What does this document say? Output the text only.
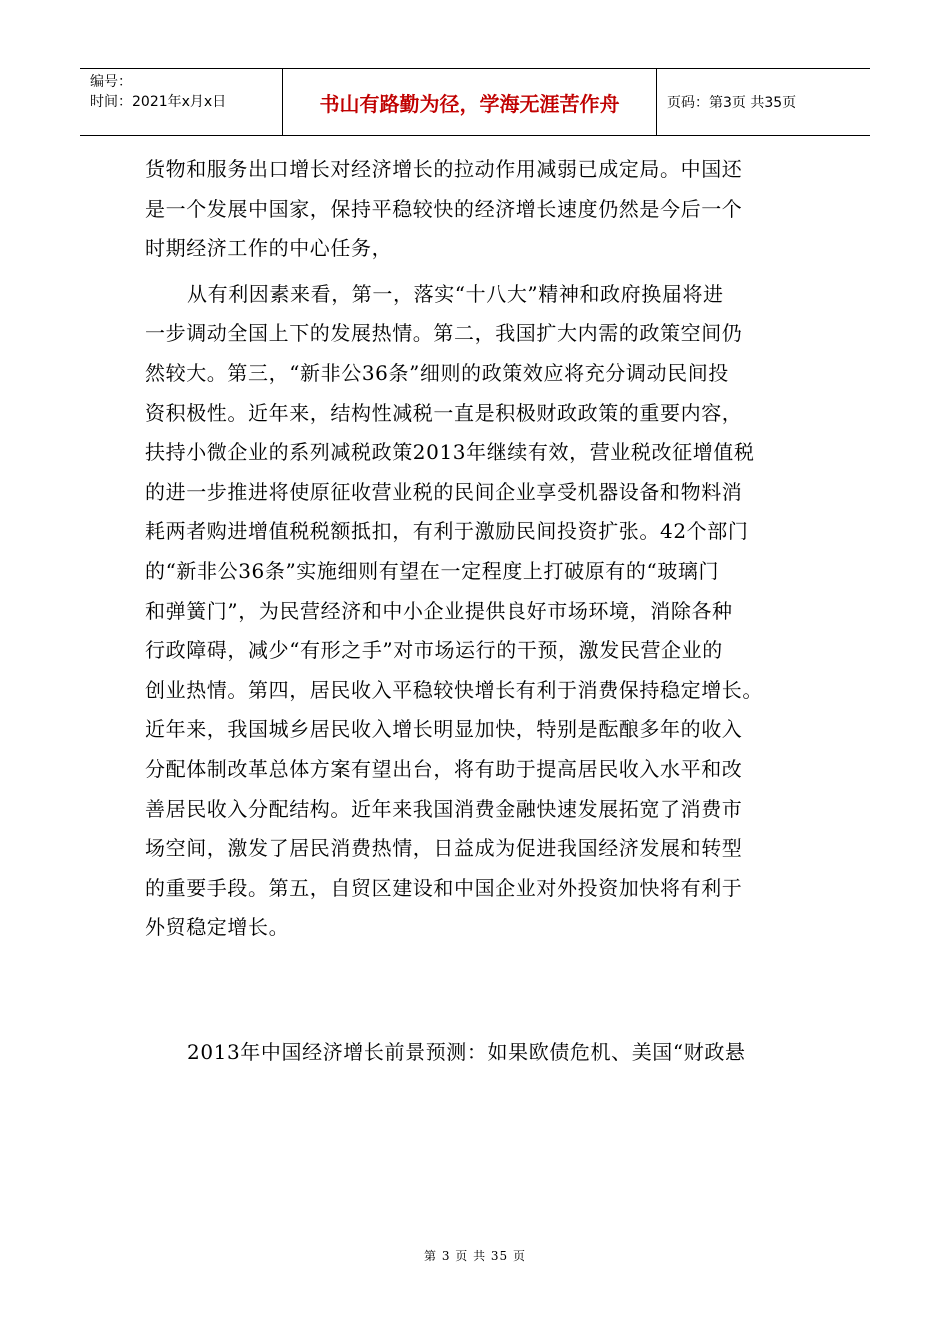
编号：
时间：2021年x月x日	书山有路勤为径，学海无涯苦作舟	页码：第3页 共35页
货物和服务出口增长对经济增长的拉动作用减弱已成定局。中国还
是一个发展中国家，保持平稳较快的经济增长速度仍然是今后一个
时期经济工作的中心任务，
从有利因素来看，第一，落实“十八大”精神和政府换届将进
一步调动全国上下的发展热情。第二，我国扩大内需的政策空间仍
然较大。第三，“新非公36条”细则的政策效应将充分调动民间投
资积极性。近年来，结构性减税一直是积极财政政策的重要内容，
扶持小微企业的系列减税政策2013年继续有效，营业税改征增值税
的进一步推进将使原征收营业税的民间企业享受机器设备和物料消
耗两者购进增值税税额抵扣，有利于激励民间投资扩张。42个部门
的“新非公36条”实施细则有望在一定程度上打破原有的“玻璃门
和弹簧门”，为民营经济和中小企业提供良好市场环境，消除各种
行政障碍，减少“有形之手”对市场运行的干预，激发民营企业的
创业热情。第四，居民收入平稳较快增长有利于消费保持稳定增长。
近年来，我国城乡居民收入增长明显加快，特别是酝酿多年的收入
分配体制改革总体方案有望出台，将有助于提高居民收入水平和改
善居民收入分配结构。近年来我国消费金融快速发展拓宽了消费市
场空间，激发了居民消费热情，日益成为促进我国经济发展和转型
的重要手段。第五，自贸区建设和中国企业对外投资加快将有利于
外贸稳定增长。
2013年中国经济增长前景预测：如果欧债危机、美国“财政悬
第 3 页 共 35 页
